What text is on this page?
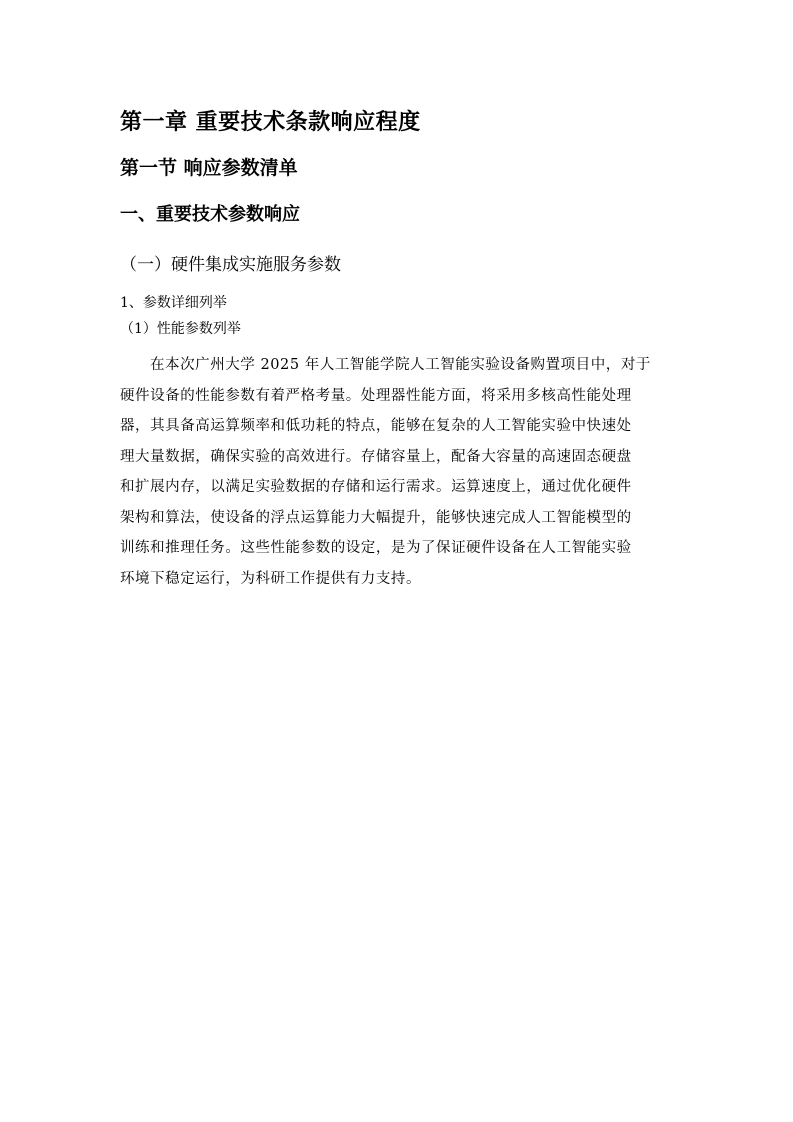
第一章 重要技术条款响应程度
第一节 响应参数清单
一、重要技术参数响应
（一）硬件集成实施服务参数
1、参数详细列举
（1）性能参数列举
在本次广州大学 2025 年人工智能学院人工智能实验设备购置项目中，对于
硬件设备的性能参数有着严格考量。处理器性能方面，将采用多核高性能处理
器，其具备高运算频率和低功耗的特点，能够在复杂的人工智能实验中快速处
理大量数据，确保实验的高效进行。存储容量上，配备大容量的高速固态硬盘
和扩展内存，以满足实验数据的存储和运行需求。运算速度上，通过优化硬件
架构和算法，使设备的浮点运算能力大幅提升，能够快速完成人工智能模型的
训练和推理任务。这些性能参数的设定，是为了保证硬件设备在人工智能实验
环境下稳定运行，为科研工作提供有力支持。
